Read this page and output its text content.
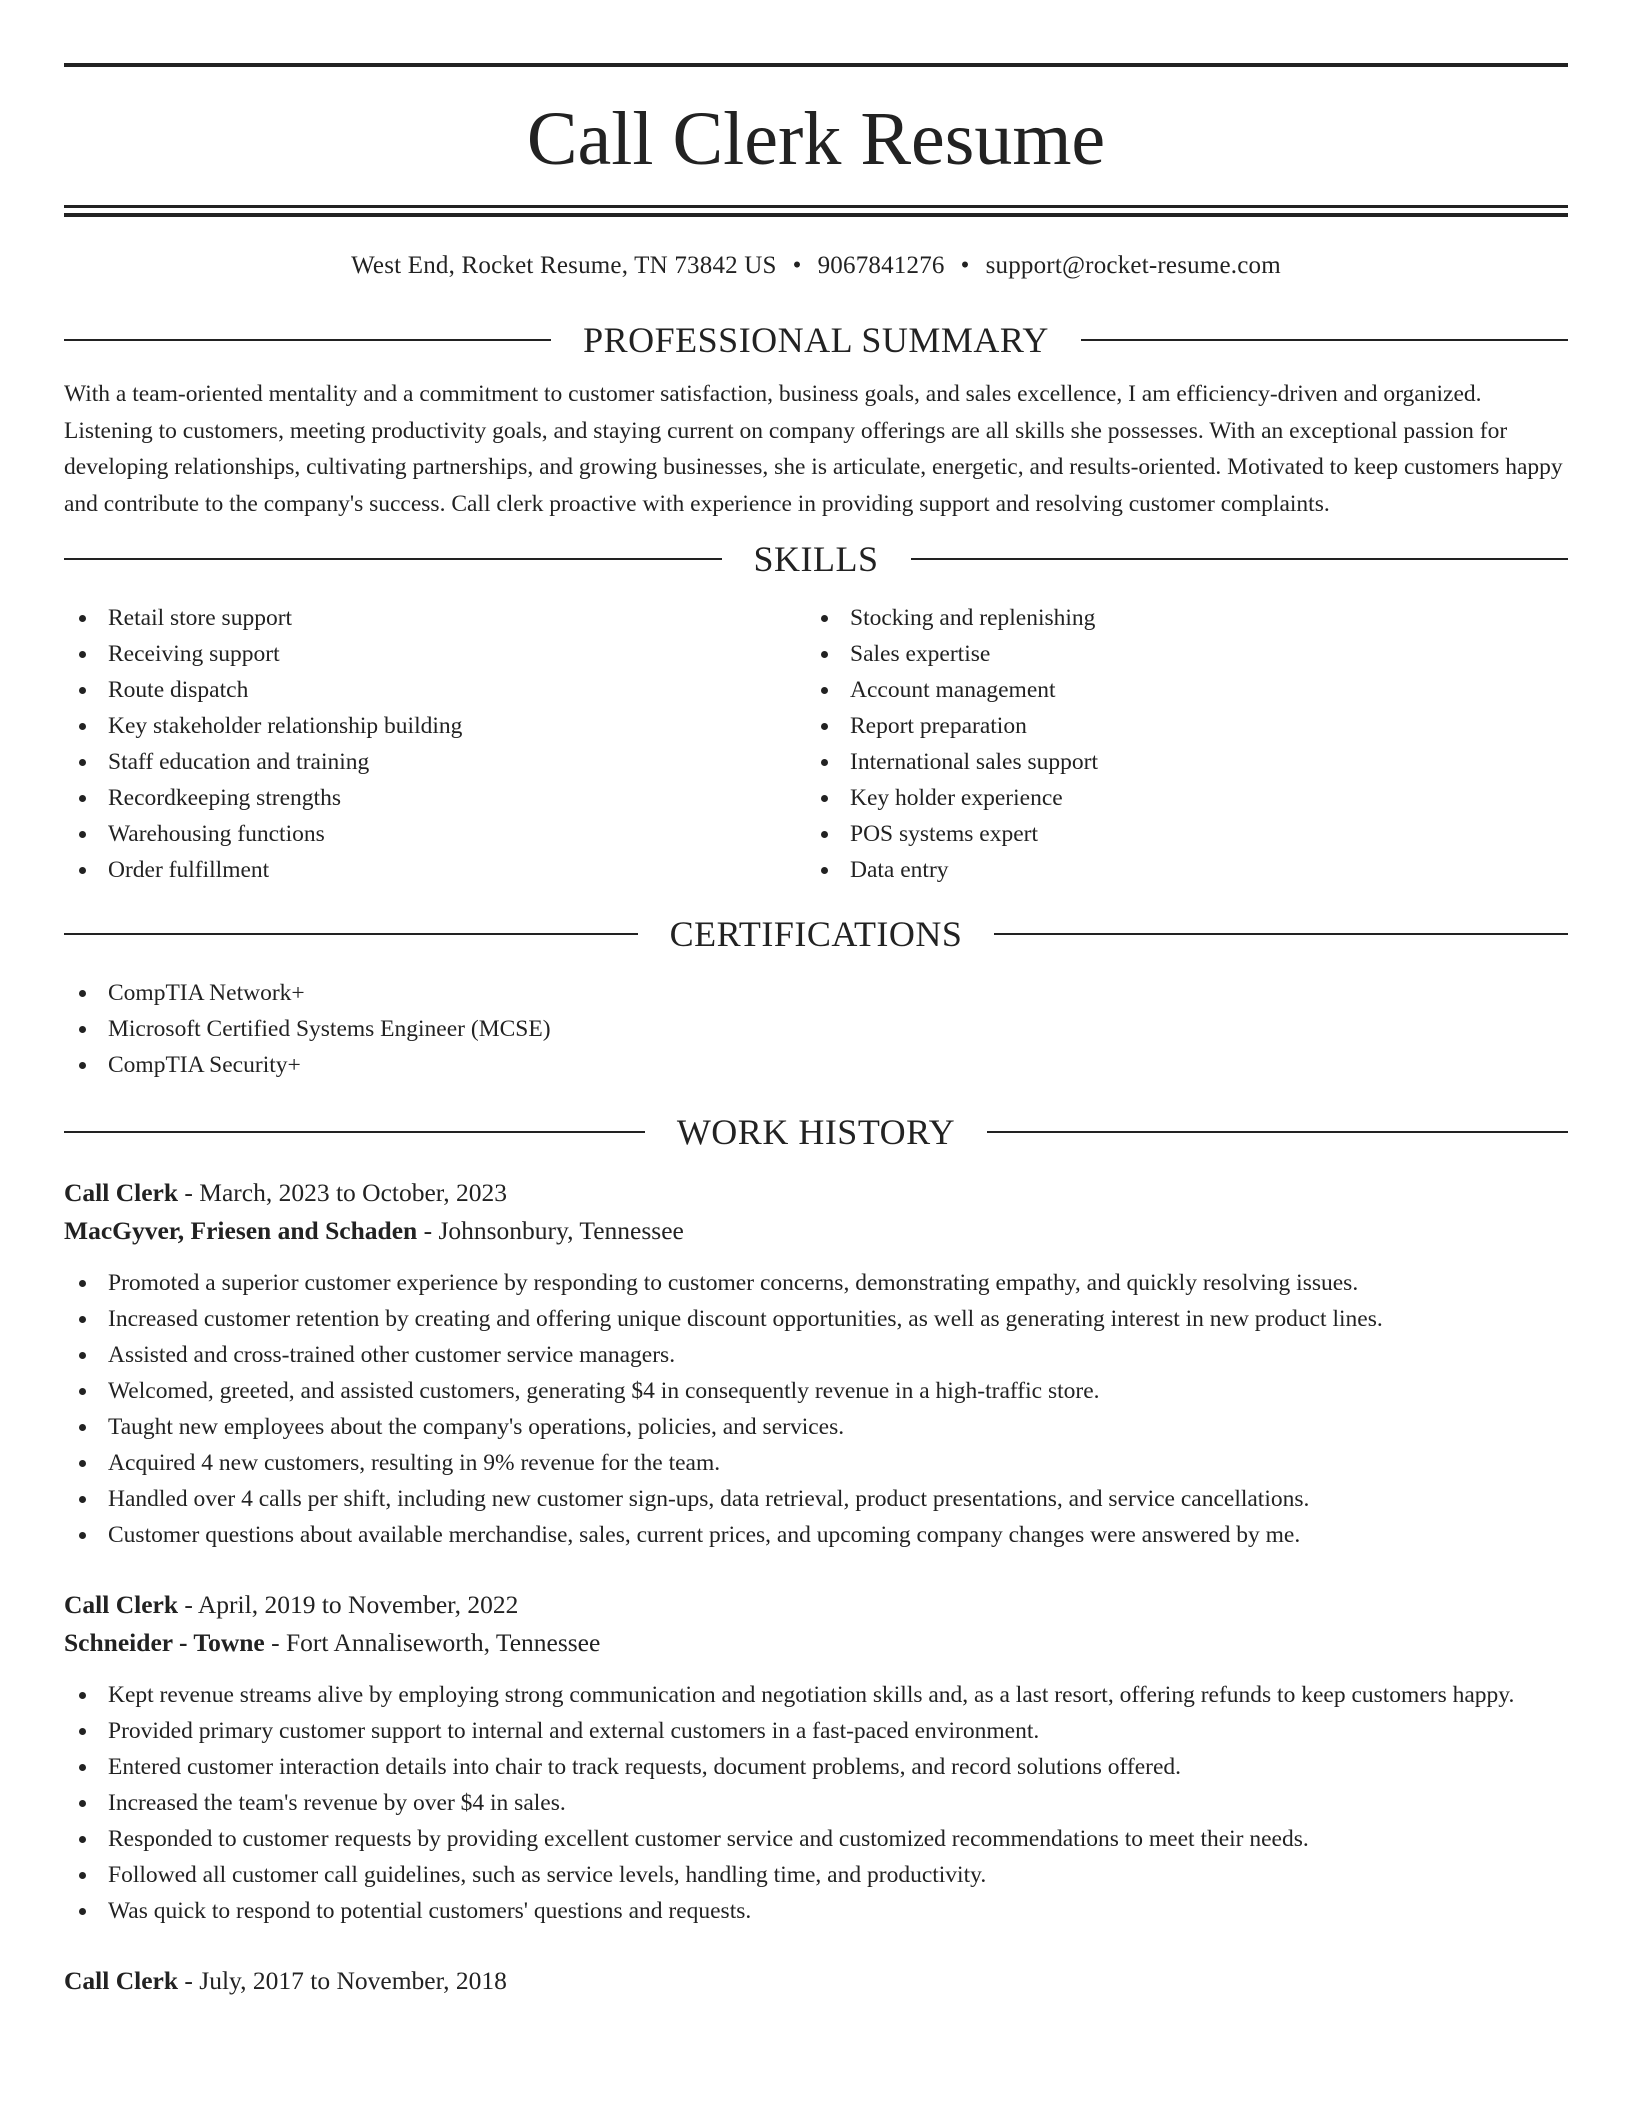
Call Clerk Resume
West End, Rocket Resume, TN 73842 US • 9067841276 • support@rocket-resume.com
PROFESSIONAL SUMMARY
With a team-oriented mentality and a commitment to customer satisfaction, business goals, and sales excellence, I am efficiency-driven and organized. Listening to customers, meeting productivity goals, and staying current on company offerings are all skills she possesses. With an exceptional passion for developing relationships, cultivating partnerships, and growing businesses, she is articulate, energetic, and results-oriented. Motivated to keep customers happy and contribute to the company's success. Call clerk proactive with experience in providing support and resolving customer complaints.
SKILLS
Retail store support
Receiving support
Route dispatch
Key stakeholder relationship building
Staff education and training
Recordkeeping strengths
Warehousing functions
Order fulfillment
Stocking and replenishing
Sales expertise
Account management
Report preparation
International sales support
Key holder experience
POS systems expert
Data entry
CERTIFICATIONS
CompTIA Network+
Microsoft Certified Systems Engineer (MCSE)
CompTIA Security+
WORK HISTORY
Call Clerk - March, 2023 to October, 2023
MacGyver, Friesen and Schaden - Johnsonbury, Tennessee
Promoted a superior customer experience by responding to customer concerns, demonstrating empathy, and quickly resolving issues.
Increased customer retention by creating and offering unique discount opportunities, as well as generating interest in new product lines.
Assisted and cross-trained other customer service managers.
Welcomed, greeted, and assisted customers, generating $4 in consequently revenue in a high-traffic store.
Taught new employees about the company's operations, policies, and services.
Acquired 4 new customers, resulting in 9% revenue for the team.
Handled over 4 calls per shift, including new customer sign-ups, data retrieval, product presentations, and service cancellations.
Customer questions about available merchandise, sales, current prices, and upcoming company changes were answered by me.
Call Clerk - April, 2019 to November, 2022
Schneider - Towne - Fort Annaliseworth, Tennessee
Kept revenue streams alive by employing strong communication and negotiation skills and, as a last resort, offering refunds to keep customers happy.
Provided primary customer support to internal and external customers in a fast-paced environment.
Entered customer interaction details into chair to track requests, document problems, and record solutions offered.
Increased the team's revenue by over $4 in sales.
Responded to customer requests by providing excellent customer service and customized recommendations to meet their needs.
Followed all customer call guidelines, such as service levels, handling time, and productivity.
Was quick to respond to potential customers' questions and requests.
Call Clerk - July, 2017 to November, 2018
